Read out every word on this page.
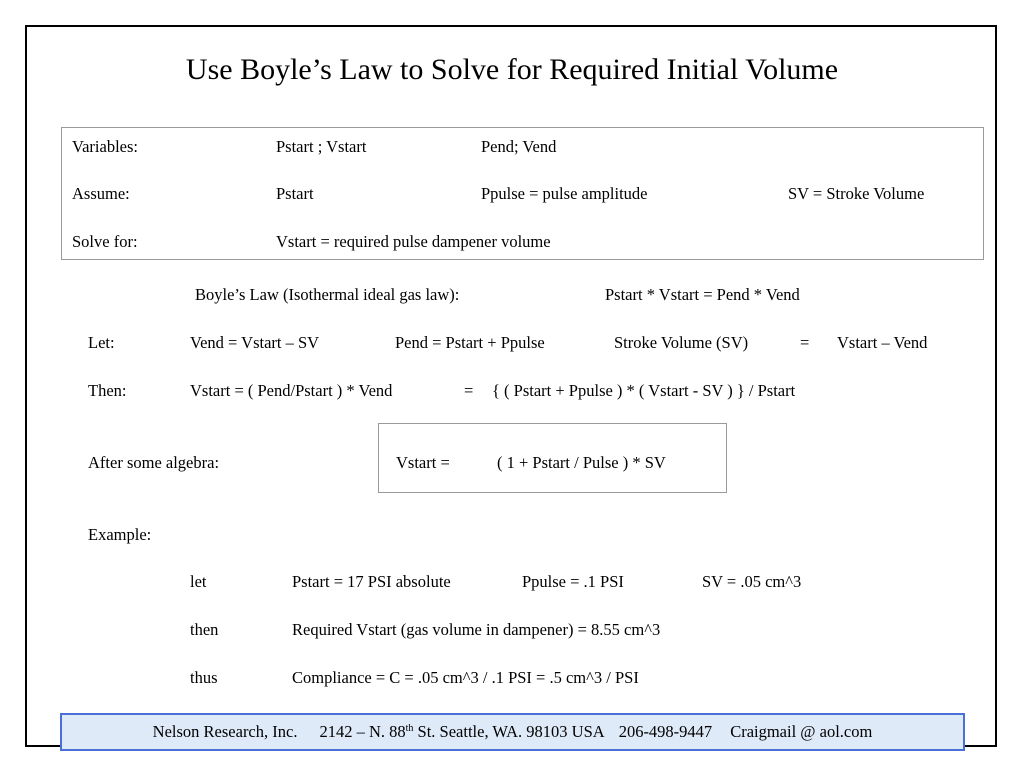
Use Boyle’s Law to Solve for Required Initial Volume
Variables:	Pstart ; Vstart	Pend; Vend
Assume:	Pstart	Ppulse = pulse amplitude	SV = Stroke Volume
Solve for:	Vstart = required pulse dampener volume
Boyle’s Law (Isothermal ideal gas law):	Pstart * Vstart = Pend * Vend
Let:	Vend = Vstart – SV	Pend = Pstart + Ppulse	Stroke Volume (SV)	= Vstart – Vend
Then:	Vstart = ( Pend/Pstart ) * Vend	= { ( Pstart + Ppulse ) * ( Vstart - SV ) } / Pstart
After some algebra:	Vstart =	( 1 + Pstart / Pulse ) * SV
Example:
let	Pstart = 17 PSI absolute	Ppulse = .1 PSI	SV = .05 cm^3
then	Required Vstart (gas volume in dampener) = 8.55 cm^3
thus	Compliance = C = .05 cm^3 / .1 PSI = .5 cm^3 / PSI
Nelson Research, Inc. 2142 – N. 88th St. Seattle, WA. 98103 USA 206-498-9447 Craigmail @ aol.com
